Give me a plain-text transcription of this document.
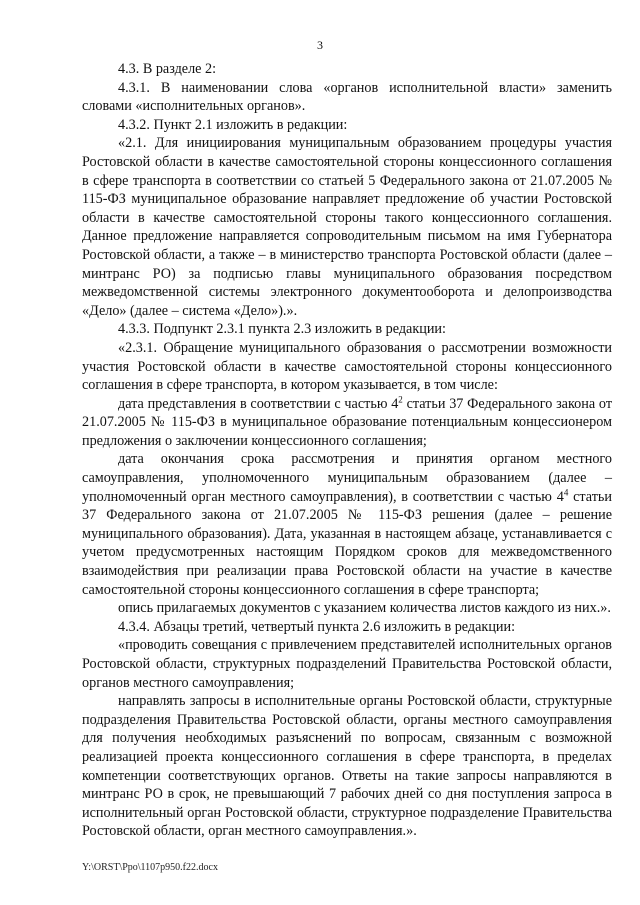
3

4.3. В разделе 2:

4.3.1. В наименовании слова «органов исполнительной власти» заменить словами «исполнительных органов».

4.3.2. Пункт 2.1 изложить в редакции:

«2.1. Для инициирования муниципальным образованием процедуры участия Ростовской области в качестве самостоятельной стороны концессионного соглашения в сфере транспорта в соответствии со статьей 5 Федерального закона от 21.07.2005 № 115-ФЗ муниципальное образование направляет предложение об участии Ростовской области в качестве самостоятельной стороны такого концессионного соглашения. Данное предложение направляется сопроводительным письмом на имя Губернатора Ростовской области, а также – в министерство транспорта Ростовской области (далее – минтранс РО) за подписью главы муниципального образования посредством межведомственной системы электронного документооборота и делопроизводства «Дело» (далее – система «Дело»).».

4.3.3. Подпункт 2.3.1 пункта 2.3 изложить в редакции:

«2.3.1. Обращение муниципального образования о рассмотрении возможности участия Ростовской области в качестве самостоятельной стороны концессионного соглашения в сфере транспорта, в котором указывается, в том числе:

дата представления в соответствии с частью $4^2$ статьи 37 Федерального закона от 21.07.2005 № 115-ФЗ в муниципальное образование потенциальным концессионером предложения о заключении концессионного соглашения;

дата окончания срока рассмотрения и принятия органом местного самоуправления, уполномоченного муниципальным образованием (далее – уполномоченный орган местного самоуправления), в соответствии с частью $4^4$ статьи 37 Федерального закона от 21.07.2005 № 115-ФЗ решения (далее – решение муниципального образования). Дата, указанная в настоящем абзаце, устанавливается с учетом предусмотренных настоящим Порядком сроков для межведомственного взаимодействия при реализации права Ростовской области на участие в качестве самостоятельной стороны концессионного соглашения в сфере транспорта;

опись прилагаемых документов с указанием количества листов каждого из них.».

4.3.4. Абзацы третий, четвертый пункта 2.6 изложить в редакции:

«проводить совещания с привлечением представителей исполнительных органов Ростовской области, структурных подразделений Правительства Ростовской области, органов местного самоуправления;

направлять запросы в исполнительные органы Ростовской области, структурные подразделения Правительства Ростовской области, органы местного самоуправления для получения необходимых разъяснений по вопросам, связанным с возможной реализацией проекта концессионного соглашения в сфере транспорта, в пределах компетенции соответствующих органов. Ответы на такие запросы направляются в минтранс РО в срок, не превышающий 7 рабочих дней со дня поступления запроса в исполнительный орган Ростовской области, структурное подразделение Правительства Ростовской области, орган местного самоуправления.».

Y:\ORST\Ppo\1107p950.f22.docx
